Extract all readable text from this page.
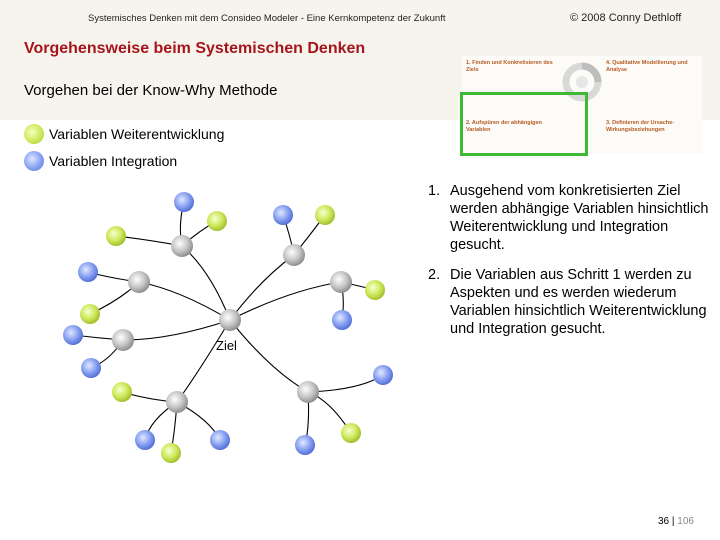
Systemisches Denken mit dem Consideo Modeler - Eine Kernkompetenz der Zukunft	© 2008 Conny Dethloff
Vorgehensweise beim Systemischen Denken
Vorgehen bei der Know-Why Methode
1. Finden und Konkretisieren des Ziels
4. Qualitative Modellierung und Analyse
2. Aufspüren der abhängigen Variablen
3. Definieren der Ursache-Wirkungsbeziehungen
Variablen Weiterentwicklung
Variablen Integration
Ziel
1. Ausgehend vom konkretisierten Ziel werden abhängige Variablen hinsichtlich Weiterentwicklung und Integration gesucht.
2. Die Variablen aus Schritt 1 werden zu Aspekten und es werden wiederum Variablen hinsichtlich Weiterentwicklung und Integration gesucht.
36 | 106
